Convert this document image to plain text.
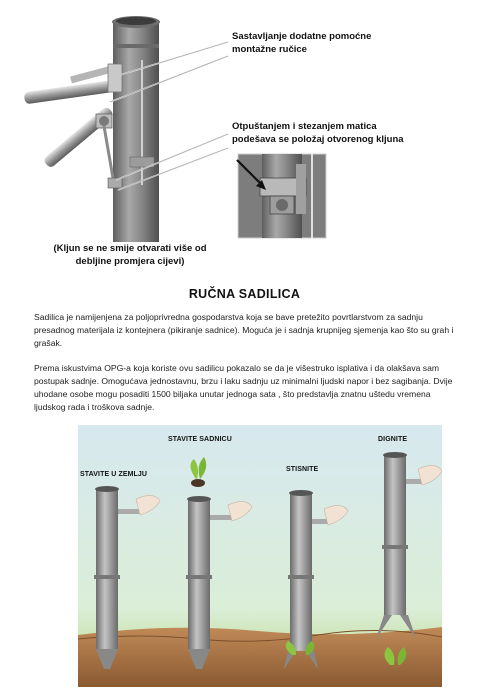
Sastavljanje dodatne pomoćne
montažne ručice
Otpuštanjem i stezanjem matica
podešava se položaj otvorenog kljuna
(Kljun se ne smije otvarati više od
debljine promjera cijevi)
RUČNA SADILICA
Sadilica je namijenjena za poljoprivredna gospodarstva koja se bave pretežito povrtlarstvom za sadnju
presadnog materijala iz kontejnera (pikiranje sadnice). Moguća je i sadnja krupnijeg sjemenja kao što su grah i
grašak.
Prema iskustvima OPG-a koja koriste ovu sadilicu pokazalo se da je višestruko isplativa i da olakšava sam
postupak sadnje. Omogućava jednostavnu, brzu i laku sadnju uz minimalni ljudski napor i bez sagibanja. Dvije
uhodane osobe mogu posaditi 1500 biljaka unutar jednoga sata , što predstavlja znatnu uštedu vremena
ljudskog rada i troškova sadnje.
STAVITE U ZEMLJU
STAVITE SADNICU
STISNITE
DIGNITE
